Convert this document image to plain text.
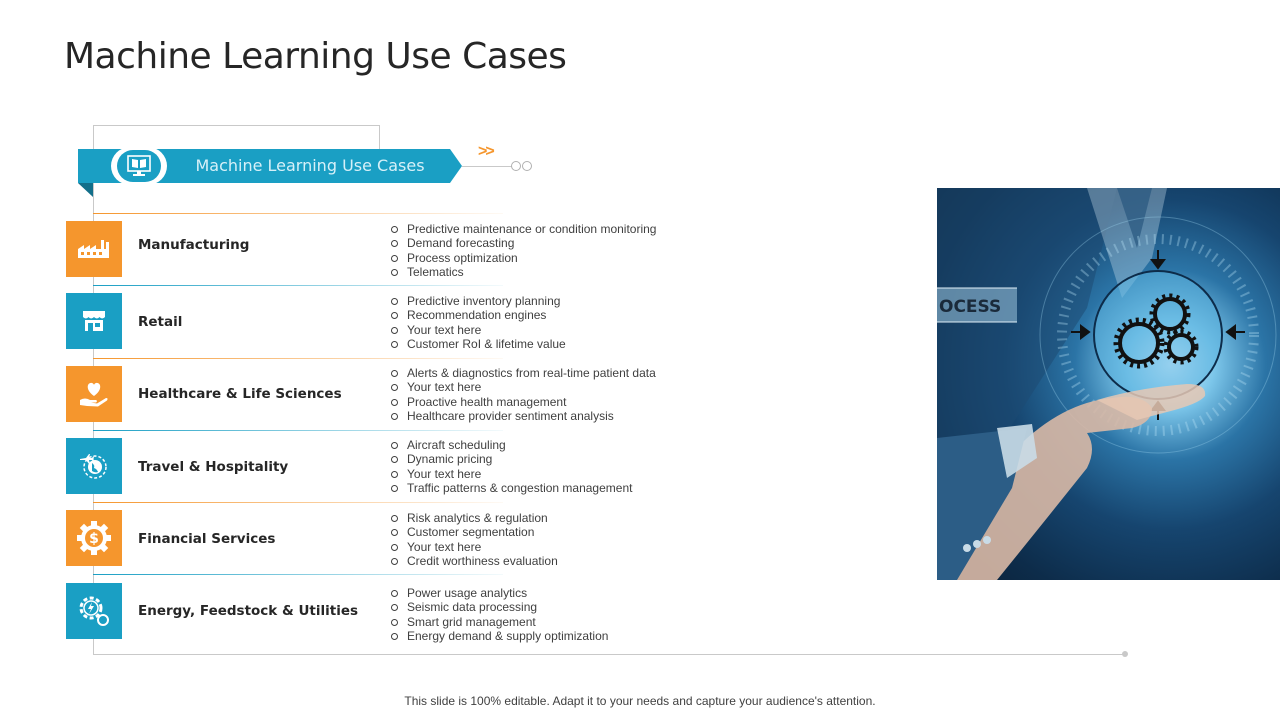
Machine Learning Use Cases
Machine Learning Use Cases
>>
Manufacturing
Predictive maintenance or condition monitoring
Demand forecasting
Process optimization
Telematics
Retail
Predictive inventory planning
Recommendation engines
Your text here
Customer RoI & lifetime value
Healthcare & Life Sciences
Alerts & diagnostics from real-time patient data
Your text here
Proactive health management
Healthcare provider sentiment analysis
Travel & Hospitality
Aircraft scheduling
Dynamic pricing
Your text here
Traffic patterns & congestion management
$	Financial Services
Risk analytics & regulation
Customer segmentation
Your text here
Credit worthiness evaluation
Energy, Feedstock & Utilities
Power usage analytics
Seismic data processing
Smart grid management
Energy demand & supply optimization
OCESS
This slide is 100% editable. Adapt it to your needs and capture your audience's attention.
